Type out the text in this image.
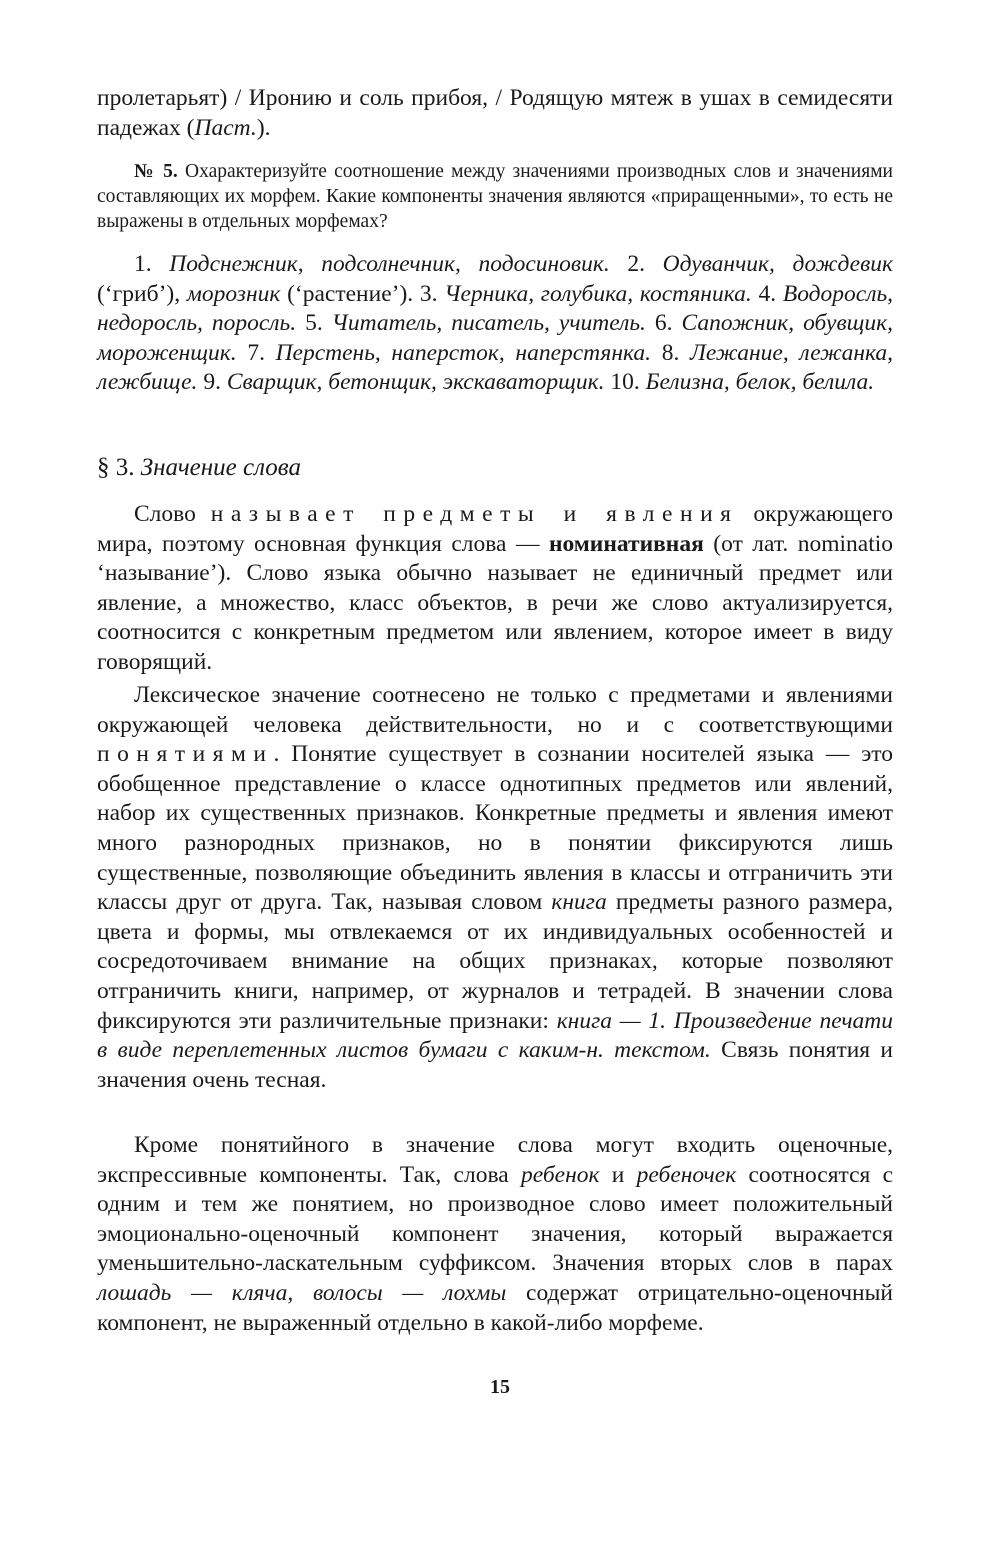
пролетарьят) / Иронию и соль прибоя, / Родящую мятеж в ушах в семидесяти падежах (Паст.).

№ 5. Охарактеризуйте соотношение между значениями производных слов и значениями составляющих их морфем. Какие компоненты значения являются «приращенными», то есть не выражены в отдельных морфемах?

1. Подснежник, подсолнечник, подосиновик. 2. Одуванчик, дождевик (‘гриб’), морозник (‘растение’). 3. Черника, голубика, костяника. 4. Водоросль, недоросль, поросль. 5. Читатель, писатель, учитель. 6. Сапожник, обувщик, мороженщик. 7. Перстень, наперсток, наперстянка. 8. Лежание, лежанка, лежбище. 9. Сварщик, бетонщик, экскаваторщик. 10. Белизна, белок, белила.

§ 3. Значение слова

Слово называет предметы и явления окружающего мира, поэтому основная функция слова — номинативная (от лат. nominatio ‘называние’). Слово языка обычно называет не единичный предмет или явление, а множество, класс объектов, в речи же слово актуализируется, соотносится с конкретным предметом или явлением, которое имеет в виду говорящий.

Лексическое значение соотнесено не только с предметами и явлениями окружающей человека действительности, но и с соответствующими понятиями. Понятие существует в сознании носителей языка — это обобщенное представление о классе однотипных предметов или явлений, набор их существенных признаков. Конкретные предметы и явления имеют много разнородных признаков, но в понятии фиксируются лишь существенные, позволяющие объединить явления в классы и отграничить эти классы друг от друга. Так, называя словом книга предметы разного размера, цвета и формы, мы отвлекаемся от их индивидуальных особенностей и сосредоточиваем внимание на общих признаках, которые позволяют отграничить книги, например, от журналов и тетрадей. В значении слова фиксируются эти различительные признаки: книга — 1. Произведение печати в виде переплетенных листов бумаги с каким-н. текстом. Связь понятия и значения очень тесная.

Кроме понятийного в значение слова могут входить оценочные, экспрессивные компоненты. Так, слова ребенок и ребеночек соотносятся с одним и тем же понятием, но производное слово имеет положительный эмоционально-оценочный компонент значения, который выражается уменьшительно-ласкательным суффиксом. Значения вторых слов в парах лошадь — кляча, волосы — лохмы содержат отрицательно-оценочный компонент, не выраженный отдельно в какой-либо морфеме.

15
